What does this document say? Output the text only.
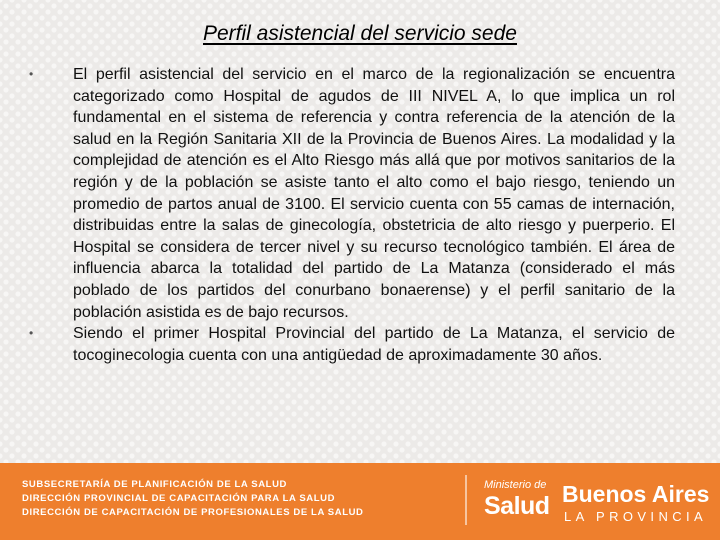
Perfil asistencial del servicio sede
• El perfil asistencial del servicio en el marco de la regionalización se encuentra categorizado como Hospital de agudos de III NIVEL A, lo que implica un rol fundamental en el sistema de referencia y contra referencia de la atención de la salud en la Región Sanitaria XII de la Provincia de Buenos Aires. La modalidad y la complejidad de atención es el Alto Riesgo más allá que por motivos sanitarios de la región y de la población se asiste tanto el alto como el bajo riesgo, teniendo un promedio de partos anual de 3100. El servicio cuenta con 55 camas de internación, distribuidas entre la salas de ginecología, obstetricia de alto riesgo y puerperio. El Hospital se considera de tercer nivel y su recurso tecnológico también. El área de influencia abarca la totalidad del partido de La Matanza (considerado el más poblado de los partidos del conurbano bonaerense) y el perfil sanitario de la población asistida es de bajo recursos.
• Siendo el primer Hospital Provincial del partido de La Matanza, el servicio de tocoginecologia cuenta con una antigüedad de aproximadamente 30 años.
SUBSECRETARÍA DE PLANIFICACIÓN DE LA SALUD
DIRECCIÓN PROVINCIAL DE CAPACITACIÓN PARA LA SALUD
DIRECCIÓN DE CAPACITACIÓN DE PROFESIONALES DE LA SALUD
Ministerio de
Salud Buenos Aires
LA PROVINCIA
